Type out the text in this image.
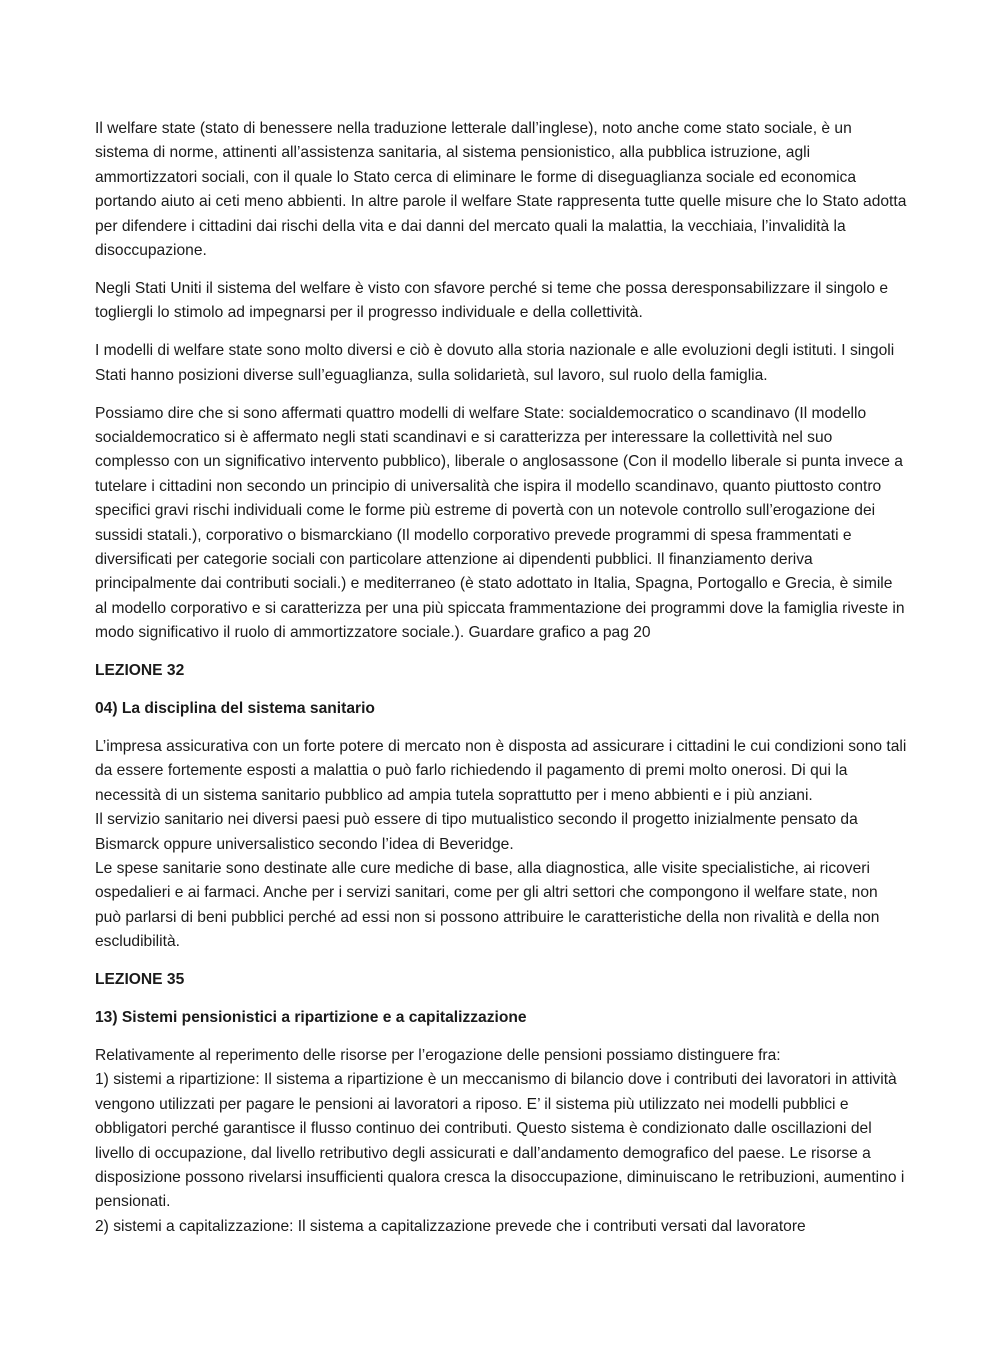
Il welfare state (stato di benessere nella traduzione letterale dall’inglese), noto anche come stato sociale, è un sistema di norme, attinenti all’assistenza sanitaria, al sistema pensionistico, alla pubblica istruzione, agli ammortizzatori sociali, con il quale lo Stato cerca di eliminare le forme di diseguaglianza sociale ed economica portando aiuto ai ceti meno abbienti. In altre parole il welfare State rappresenta tutte quelle misure che lo Stato adotta per difendere i cittadini dai rischi della vita e dai danni del mercato quali la malattia, la vecchiaia, l’invalidità la disoccupazione.

Negli Stati Uniti il sistema del welfare è visto con sfavore perché si teme che possa deresponsabilizzare il singolo e togliergli lo stimolo ad impegnarsi per il progresso individuale e della collettività.

I modelli di welfare state sono molto diversi e ciò è dovuto alla storia nazionale e alle evoluzioni degli istituti. I singoli Stati hanno posizioni diverse sull’eguaglianza, sulla solidarietà, sul lavoro, sul ruolo della famiglia.

Possiamo dire che si sono affermati quattro modelli di welfare State: socialdemocratico o scandinavo (Il modello socialdemocratico si è affermato negli stati scandinavi e si caratterizza per interessare la collettività nel suo complesso con un significativo intervento pubblico), liberale o anglosassone (Con il modello liberale si punta invece a tutelare i cittadini non secondo un principio di universalità che ispira il modello scandinavo, quanto piuttosto contro specifici gravi rischi individuali come le forme più estreme di povertà con un notevole controllo sull’erogazione dei sussidi statali.), corporativo o bismarckiano (Il modello corporativo prevede programmi di spesa frammentati e diversificati per categorie sociali con particolare attenzione ai dipendenti pubblici. Il finanziamento deriva principalmente dai contributi sociali.) e mediterraneo (è stato adottato in Italia, Spagna, Portogallo e Grecia, è simile al modello corporativo e si caratterizza per una più spiccata frammentazione dei programmi dove la famiglia riveste in modo significativo il ruolo di ammortizzatore sociale.). Guardare grafico a pag 20

LEZIONE 32
04) La disciplina del sistema sanitario
L’impresa assicurativa con un forte potere di mercato non è disposta ad assicurare i cittadini le cui condizioni sono tali da essere fortemente esposti a malattia o può farlo richiedendo il pagamento di premi molto onerosi. Di qui la necessità di un sistema sanitario pubblico ad ampia tutela soprattutto per i meno abbienti e i più anziani.
Il servizio sanitario nei diversi paesi può essere di tipo mutualistico secondo il progetto inizialmente pensato da Bismarck oppure universalistico secondo l’idea di Beveridge.
Le spese sanitarie sono destinate alle cure mediche di base, alla diagnostica, alle visite specialistiche, ai ricoveri ospedalieri e ai farmaci. Anche per i servizi sanitari, come per gli altri settori che compongono il welfare state, non può parlarsi di beni pubblici perché ad essi non si possono attribuire le caratteristiche della non rivalità e della non escludibilità.
LEZIONE 35
13) Sistemi pensionistici a ripartizione e a capitalizzazione
Relativamente al reperimento delle risorse per l’erogazione delle pensioni possiamo distinguere fra:
1) sistemi a ripartizione: Il sistema a ripartizione è un meccanismo di bilancio dove i contributi dei lavoratori in attività vengono utilizzati per pagare le pensioni ai lavoratori a riposo. E’ il sistema più utilizzato nei modelli pubblici e obbligatori perché garantisce il flusso continuo dei contributi. Questo sistema è condizionato dalle oscillazioni del livello di occupazione, dal livello retributivo degli assicurati e dall’andamento demografico del paese. Le risorse a disposizione possono rivelarsi insufficienti qualora cresca la disoccupazione, diminuiscano le retribuzioni, aumentino i pensionati.
2) sistemi a capitalizzazione: Il sistema a capitalizzazione prevede che i contributi versati dal lavoratore
